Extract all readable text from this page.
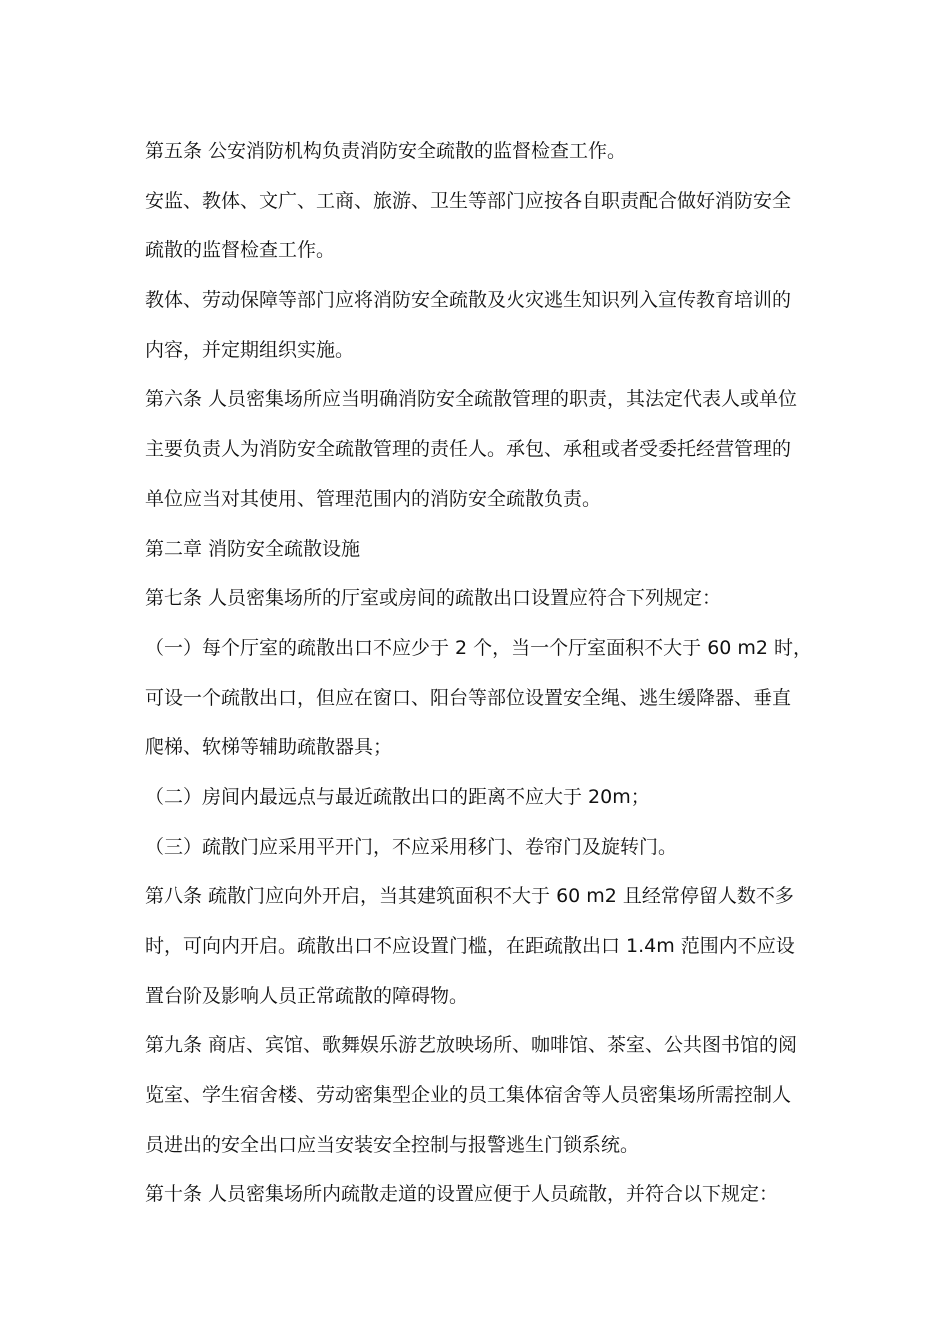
第五条 公安消防机构负责消防安全疏散的监督检查工作。
安监、教体、文广、工商、旅游、卫生等部门应按各自职责配合做好消防安全
疏散的监督检查工作。
教体、劳动保障等部门应将消防安全疏散及火灾逃生知识列入宣传教育培训的
内容，并定期组织实施。
第六条 人员密集场所应当明确消防安全疏散管理的职责，其法定代表人或单位
主要负责人为消防安全疏散管理的责任人。承包、承租或者受委托经营管理的
单位应当对其使用、管理范围内的消防安全疏散负责。
第二章 消防安全疏散设施
第七条 人员密集场所的厅室或房间的疏散出口设置应符合下列规定：
（一）每个厅室的疏散出口不应少于 2 个，当一个厅室面积不大于 60 m2 时，
可设一个疏散出口，但应在窗口、阳台等部位设置安全绳、逃生缓降器、垂直
爬梯、软梯等辅助疏散器具；
（二）房间内最远点与最近疏散出口的距离不应大于 20m；
（三）疏散门应采用平开门，不应采用移门、卷帘门及旋转门。
第八条 疏散门应向外开启，当其建筑面积不大于 60 m2 且经常停留人数不多
时，可向内开启。疏散出口不应设置门槛，在距疏散出口 1.4m 范围内不应设
置台阶及影响人员正常疏散的障碍物。
第九条 商店、宾馆、歌舞娱乐游艺放映场所、咖啡馆、茶室、公共图书馆的阅
览室、学生宿舍楼、劳动密集型企业的员工集体宿舍等人员密集场所需控制人
员进出的安全出口应当安装安全控制与报警逃生门锁系统。
第十条 人员密集场所内疏散走道的设置应便于人员疏散，并符合以下规定：
